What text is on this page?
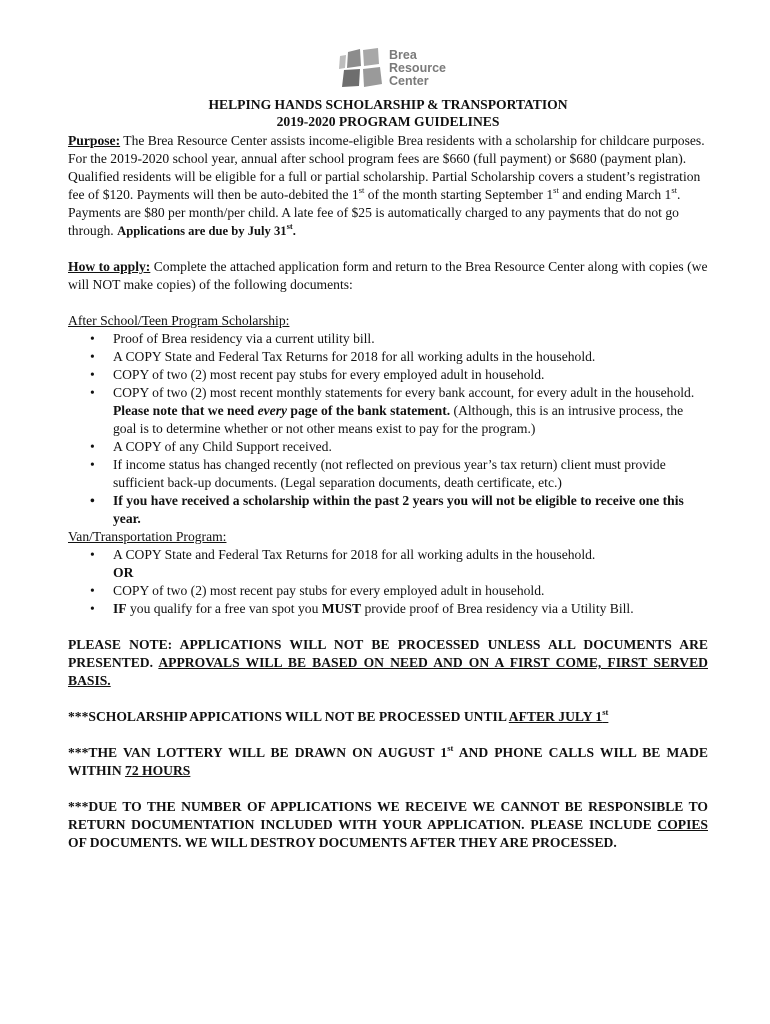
Brea
Resource
Center
HELPING HANDS SCHOLARSHIP & TRANSPORTATION
2019-2020 PROGRAM GUIDELINES

Purpose: The Brea Resource Center assists income-eligible Brea residents with a scholarship for childcare purposes. For the 2019-2020 school year, annual after school program fees are $660 (full payment) or $680 (payment plan). Qualified residents will be eligible for a full or partial scholarship. Partial Scholarship covers a student’s registration fee of $120. Payments will then be auto-debited the 1st of the month starting September 1st and ending March 1st. Payments are $80 per month/per child. A late fee of $25 is automatically charged to any payments that do not go through. Applications are due by July 31st.

How to apply: Complete the attached application form and return to the Brea Resource Center along with copies (we will NOT make copies) of the following documents:

After School/Teen Program Scholarship:

• Proof of Brea residency via a current utility bill.
• A COPY State and Federal Tax Returns for 2018 for all working adults in the household.
• COPY of two (2) most recent pay stubs for every employed adult in household.
• COPY of two (2) most recent monthly statements for every bank account, for every adult in the household. Please note that we need every page of the bank statement. (Although, this is an intrusive process, the goal is to determine whether or not other means exist to pay for the program.)
• A COPY of any Child Support received.
• If income status has changed recently (not reflected on previous year’s tax return) client must provide sufficient back-up documents. (Legal separation documents, death certificate, etc.)
• If you have received a scholarship within the past 2 years you will not be eligible to receive one this year.

Van/Transportation Program:

• A COPY State and Federal Tax Returns for 2018 for all working adults in the household.
OR
• COPY of two (2) most recent pay stubs for every employed adult in household.
• IF you qualify for a free van spot you MUST provide proof of Brea residency via a Utility Bill.

PLEASE NOTE: APPLICATIONS WILL NOT BE PROCESSED UNLESS ALL DOCUMENTS ARE PRESENTED. APPROVALS WILL BE BASED ON NEED AND ON A FIRST COME, FIRST SERVED BASIS.

***SCHOLARSHIP APPICATIONS WILL NOT BE PROCESSED UNTIL AFTER JULY 1st

***THE VAN LOTTERY WILL BE DRAWN ON AUGUST 1st AND PHONE CALLS WILL BE MADE WITHIN 72 HOURS

***DUE TO THE NUMBER OF APPLICATIONS WE RECEIVE WE CANNOT BE RESPONSIBLE TO RETURN DOCUMENTATION INCLUDED WITH YOUR APPLICATION. PLEASE INCLUDE COPIES OF DOCUMENTS. WE WILL DESTROY DOCUMENTS AFTER THEY ARE PROCESSED.
